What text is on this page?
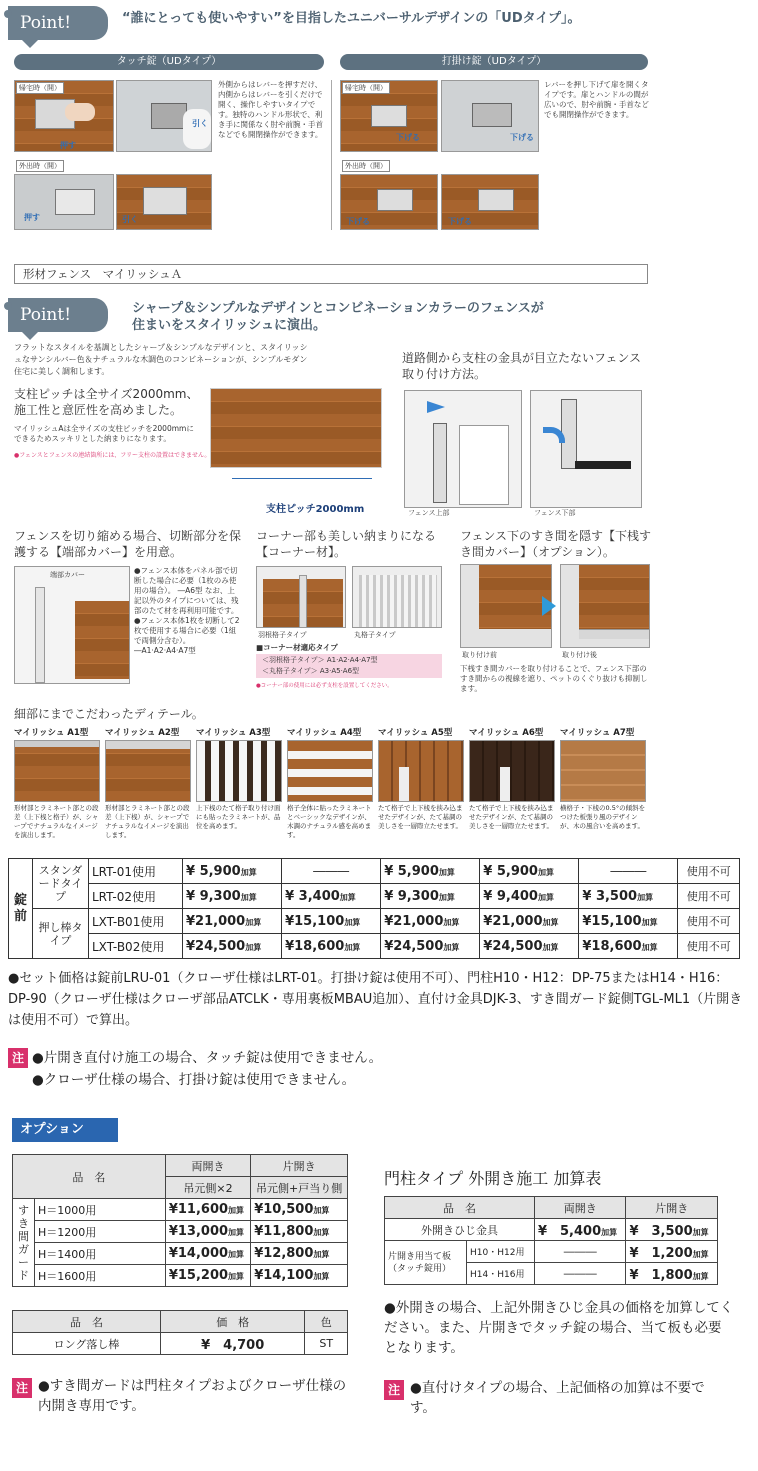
Point!	“誰にとっても使いやすい”を目指したユニバーサルデザインの「UDタイプ」。
タッチ錠（UDタイプ）	打掛け錠（UDタイプ）
帰宅時（開）
押す
引く
外側からはレバーを押すだけ、内側からはレバーを引くだけで開く、操作しやすいタイプです。独特のハンドル形状で、利き手に関係なく肘や前腕・手首などでも開閉操作ができます。
外出時（開）
押す	引く
帰宅時（開）
下げる	下げる
レバーを押し下げて扉を開くタイプです。扉とハンドルの間が広いので、肘や前腕・手首などでも開閉操作ができます。
外出時（開）
下げる	下げる
形材フェンス　マイリッシュＡ
Point!	シャープ＆シンプルなデザインとコンビネーションカラーのフェンスが
住まいをスタイリッシュに演出。
フラットなスタイルを基調としたシャープ＆シンプルなデザインと、スタイリッシュなサンシルバー色＆ナチュラルな木調色のコンビネーションが、シンプルモダン住宅に美しく調和します。
支柱ピッチは全サイズ2000mm、施工性と意匠性を高めました。
マイリッシュAは全サイズの支柱ピッチを2000mmにできるためスッキリとした納まりになります。
●フェンスとフェンスの連結箇所には、フリー支柱の設置はできません。
支柱ピッチ2000mm
道路側から支柱の金具が目立たないフェンス取り付け方法。
フェンス上部	フェンス下部
フェンスを切り縮める場合、切断部分を保護する【端部カバー】を用意。
端部カバー	●フェンス本体をパネル部で切断した場合に必要（1枚のみ使用の場合）。 ―A6型 なお、上記以外のタイプについては、残部のたて材を再利用可能です。 ●フェンス本体1枚を切断して2枚で使用する場合に必要（1組で両側分含む）。 ―A1·A2·A4·A7型
コーナー部も美しい納まりになる【コーナー材】。
羽根格子タイプ	丸格子タイプ
■コーナー材適応タイプ
＜羽根格子タイプ＞ A1·A2·A4·A7型
＜丸格子タイプ＞ A3·A5·A6型
●コーナー部の使用には必ず支柱を設置してください。
フェンス下のすき間を隠す【下桟すき間カバー】（オプション）。
取り付け前	取り付け後
下桟すき間カバーを取り付けることで、フェンス下部のすき間からの視線を遮り、ペットのくぐり抜けも抑制します。
細部にまでこだわったディテール。
マイリッシュ A1型
形材部とラミネート部との段差（上下桟と格子）が、シャープでナチュラルなイメージを演出します。
マイリッシュ A2型
形材部とラミネート部との段差（上下桟）が、シャープでナチュラルなイメージを演出します。
マイリッシュ A3型
上下桟のたて格子取り付け面にも貼ったラミネートが、品位を高めます。
マイリッシュ A4型
格子全体に貼ったラミネートとベーシックなデザインが、木調のナチュラル感を高めます。
マイリッシュ A5型
たて格子で上下桟を挟み込ませたデザインが、たて基調の美しさを一層際立たせます。
マイリッシュ A6型
たて格子で上下桟を挟み込ませたデザインが、たて基調の美しさを一層際立たせます。
マイリッシュ A7型
横格子・下桟の0.5°の傾斜をつけた板張り風のデザインが、木の風合いを高めます。
錠前	スタンダードタイプ	LRT-01使用	¥ 5,900加算	―――	¥ 5,900加算	¥ 5,900加算	―――	使用不可
		LRT-02使用	¥ 9,300加算	¥ 3,400加算	¥ 9,300加算	¥ 9,400加算	¥ 3,500加算	使用不可
	押し棒タイプ	LXT-B01使用	¥21,000加算	¥15,100加算	¥21,000加算	¥21,000加算	¥15,100加算	使用不可
		LXT-B02使用	¥24,500加算	¥18,600加算	¥24,500加算	¥24,500加算	¥18,600加算	使用不可
●セット価格は錠前LRU-01（クローザ仕様はLRT-01。打掛け錠は使用不可）、門柱H10・H12：DP-75またはH14・H16：DP-90（クローザ仕様はクローザ部品ATCLK・専用裏板MBAU追加）、直付け金具DJK-3、すき間ガード錠側TGL-ML1（片開きは使用不可）で算出。
注 ●片開き直付け施工の場合、タッチ錠は使用できません。
●クローザ仕様の場合、打掛け錠は使用できません。
オプション
品　名		両開き	片開き
		吊元側×2	吊元側+戸当り側
すき間ガード	H＝1000用	¥11,600加算	¥10,500加算
	H＝1200用	¥13,000加算	¥11,800加算
	H＝1400用	¥14,000加算	¥12,800加算
	H＝1600用	¥15,200加算	¥14,100加算
品　名	価　格	色
ロング落し棒	¥　4,700	ST
注 ●すき間ガードは門柱タイプおよびクローザ仕様の内開き専用です。
門柱タイプ 外開き施工 加算表
品　名		両開き	片開き
外開きひじ金具		¥　5,400加算	¥　3,500加算
片開き用当て板（タッチ錠用）	H10・H12用	―――	¥　1,200加算
	H14・H16用	―――	¥　1,800加算
●外開きの場合、上記外開きひじ金具の価格を加算してください。また、片開きでタッチ錠の場合、当て板も必要となります。
注 ●直付けタイプの場合、上記価格の加算は不要です。
